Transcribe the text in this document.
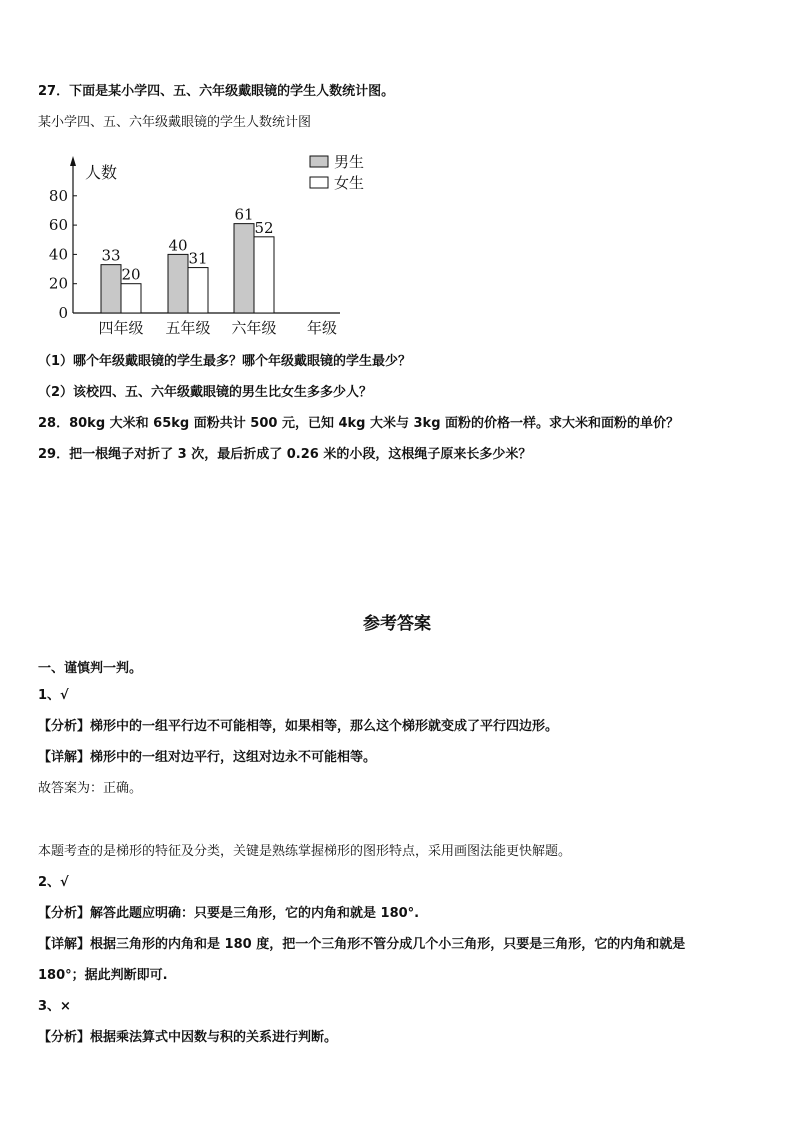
27．下面是某小学四、五、六年级戴眼镜的学生人数统计图。
某小学四、五、六年级戴眼镜的学生人数统计图
人数
0
20
40
60
80
33
20
四年级
40
31
五年级
61
52
六年级 年级
男生
女生
（1）哪个年级戴眼镜的学生最多？哪个年级戴眼镜的学生最少？
（2）该校四、五、六年级戴眼镜的男生比女生多多少人？
28．80kg 大米和 65kg 面粉共计 500 元，已知 4kg 大米与 3kg 面粉的价格一样。求大米和面粉的单价？
29．把一根绳子对折了 3 次，最后折成了 0.26 米的小段，这根绳子原来长多少米？
参考答案
一、谨慎判一判。
1、√
【分析】梯形中的一组平行边不可能相等，如果相等，那么这个梯形就变成了平行四边形。
【详解】梯形中的一组对边平行，这组对边永不可能相等。
故答案为：正确。
本题考查的是梯形的特征及分类，关键是熟练掌握梯形的图形特点，采用画图法能更快解题。
2、√
【分析】解答此题应明确：只要是三角形，它的内角和就是 180°.
【详解】根据三角形的内角和是 180 度，把一个三角形不管分成几个小三角形，只要是三角形，它的内角和就是
180°；据此判断即可.
3、×
【分析】根据乘法算式中因数与积的关系进行判断。
